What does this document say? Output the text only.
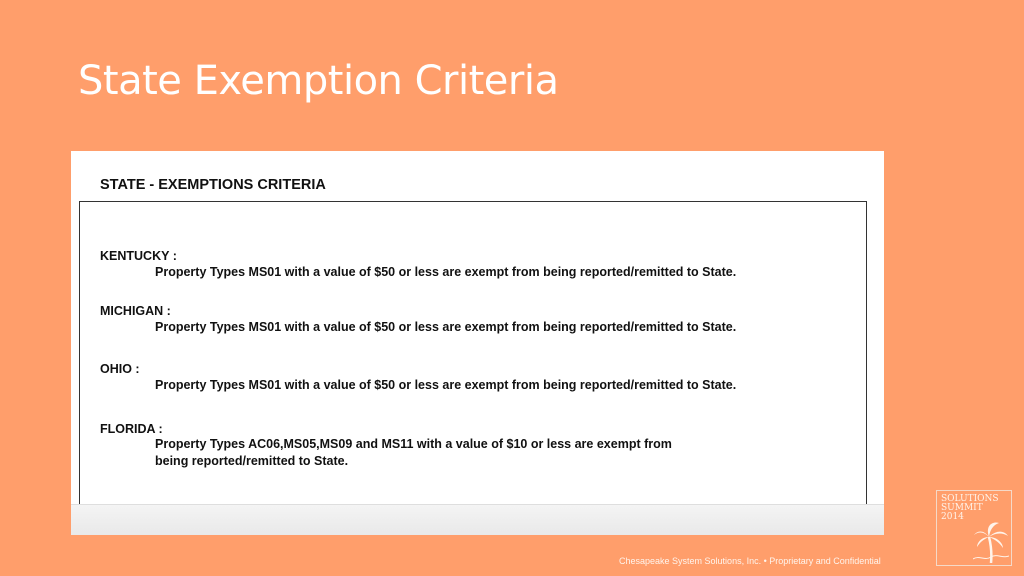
State Exemption Criteria
STATE - EXEMPTIONS CRITERIA
KENTUCKY :
Property Types MS01 with a value of $50 or less are exempt from being reported/remitted to State.
MICHIGAN :
Property Types MS01 with a value of $50 or less are exempt from being reported/remitted to State.
OHIO :
Property Types MS01 with a value of $50 or less are exempt from being reported/remitted to State.
FLORIDA :
Property Types AC06,MS05,MS09 and MS11 with a value of $10 or less are exempt from
being reported/remitted to State.
SOLUTIONS
SUMMIT
2014
Chesapeake System Solutions, Inc. • Proprietary and Confidential
